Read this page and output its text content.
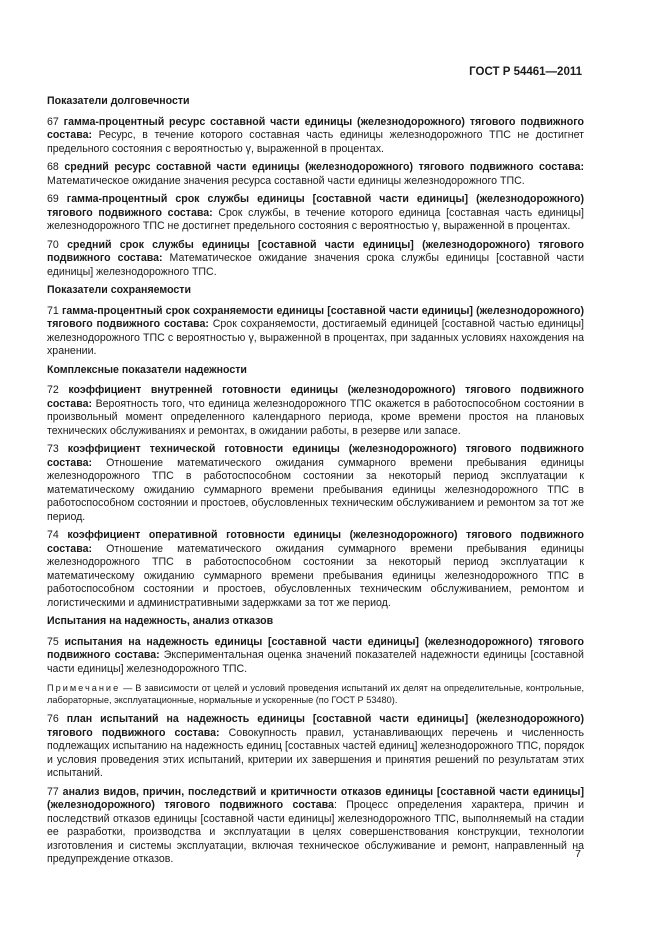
ГОСТ Р 54461—2011
Показатели долговечности

67 гамма-процентный ресурс составной части единицы (железнодорожного) тягового подвижного состава: Ресурс, в течение которого составная часть единицы железнодорожного ТПС не достигнет предельного состояния с вероятностью γ, выраженной в процентах.

68 средний ресурс составной части единицы (железнодорожного) тягового подвижного состава: Математическое ожидание значения ресурса составной части единицы железнодорожного ТПС.

69 гамма-процентный срок службы единицы [составной части единицы] (железнодорожного) тягового подвижного состава: Срок службы, в течение которого единица [составная часть единицы] железнодорожного ТПС не достигнет предельного состояния с вероятностью γ, выраженной в процентах.

70 средний срок службы единицы [составной части единицы] (железнодорожного) тягового подвижного состава: Математическое ожидание значения срока службы единицы [составной части единицы] железнодорожного ТПС.

Показатели сохраняемости

71 гамма-процентный срок сохраняемости единицы [составной части единицы] (железнодорожного) тягового подвижного состава: Срок сохраняемости, достигаемый единицей [составной частью единицы] железнодорожного ТПС с вероятностью γ, выраженной в процентах, при заданных условиях нахождения на хранении.

Комплексные показатели надежности

72 коэффициент внутренней готовности единицы (железнодорожного) тягового подвижного состава: Вероятность того, что единица железнодорожного ТПС окажется в работоспособном состоянии в произвольный момент определенного календарного периода, кроме времени простоя на плановых технических обслуживаниях и ремонтах, в ожидании работы, в резерве или запасе.

73 коэффициент технической готовности единицы (железнодорожного) тягового подвижного состава: Отношение математического ожидания суммарного времени пребывания единицы железнодорожного ТПС в работоспособном состоянии за некоторый период эксплуатации к математическому ожиданию суммарного времени пребывания единицы железнодорожного ТПС в работоспособном состоянии и простоев, обусловленных техническим обслуживанием и ремонтом за тот же период.

74 коэффициент оперативной готовности единицы (железнодорожного) тягового подвижного состава: Отношение математического ожидания суммарного времени пребывания единицы железнодорожного ТПС в работоспособном состоянии за некоторый период эксплуатации к математическому ожиданию суммарного времени пребывания единицы железнодорожного ТПС в работоспособном состоянии и простоев, обусловленных техническим обслуживанием, ремонтом и логистическими и административными задержками за тот же период.

Испытания на надежность, анализ отказов

75 испытания на надежность единицы [составной части единицы] (железнодорожного) тягового подвижного состава: Экспериментальная оценка значений показателей надежности единицы [составной части единицы] железнодорожного ТПС.

Примечание — В зависимости от целей и условий проведения испытаний их делят на определительные, контрольные, лабораторные, эксплуатационные, нормальные и ускоренные (по ГОСТ Р 53480).

76 план испытаний на надежность единицы [составной части единицы] (железнодорожного) тягового подвижного состава: Совокупность правил, устанавливающих перечень и численность подлежащих испытанию на надежность единиц [составных частей единиц] железнодорожного ТПС, порядок и условия проведения этих испытаний, критерии их завершения и принятия решений по результатам этих испытаний.

77 анализ видов, причин, последствий и критичности отказов единицы [составной части единицы] (железнодорожного) тягового подвижного состава: Процесс определения характера, причин и последствий отказов единицы [составной части единицы] железнодорожного ТПС, выполняемый на стадии ее разработки, производства и эксплуатации в целях совершенствования конструкции, технологии изготовления и системы эксплуатации, включая техническое обслуживание и ремонт, направленный на предупреждение отказов.	7
